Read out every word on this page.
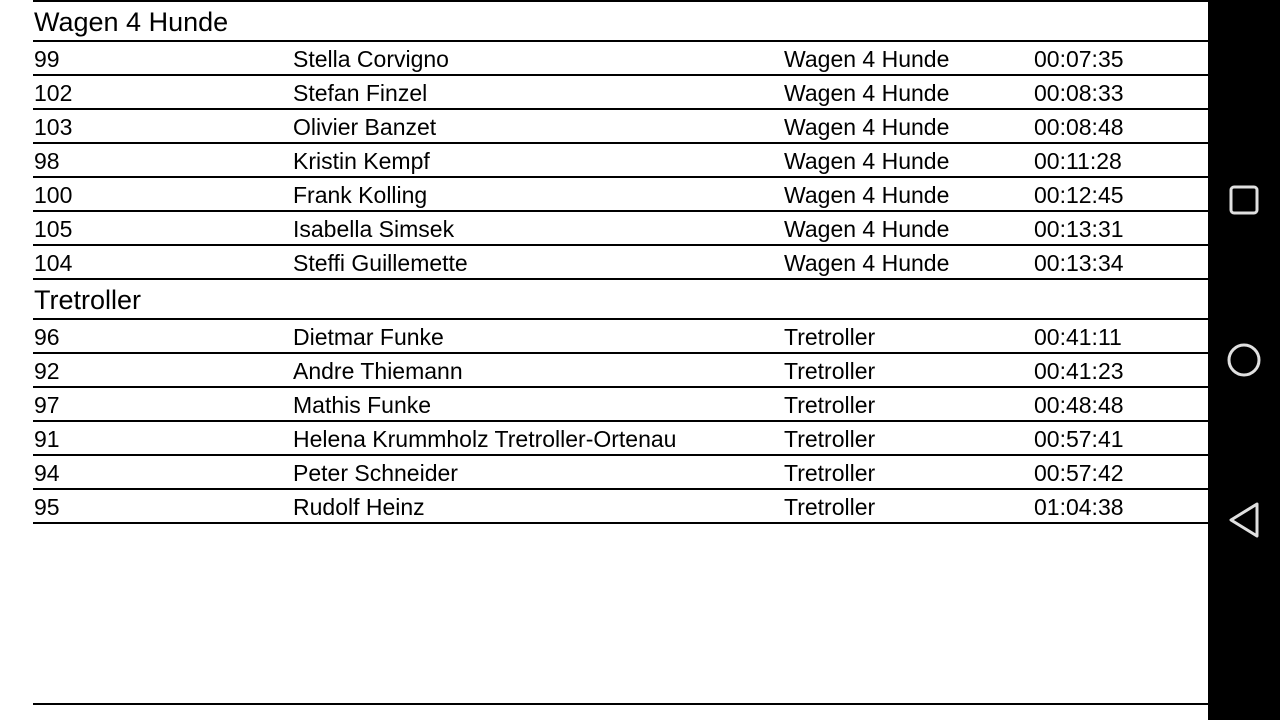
Wagen 4 Hunde
99	Stella Corvigno	Wagen 4 Hunde	00:07:35
102	Stefan Finzel	Wagen 4 Hunde	00:08:33
103	Olivier Banzet	Wagen 4 Hunde	00:08:48
98	Kristin Kempf	Wagen 4 Hunde	00:11:28
100	Frank Kolling	Wagen 4 Hunde	00:12:45
105	Isabella Simsek	Wagen 4 Hunde	00:13:31
104	Steffi Guillemette	Wagen 4 Hunde	00:13:34
Tretroller
96	Dietmar Funke	Tretroller	00:41:11
92	Andre Thiemann	Tretroller	00:41:23
97	Mathis Funke	Tretroller	00:48:48
91	Helena Krummholz Tretroller-Ortenau	Tretroller	00:57:41
94	Peter Schneider	Tretroller	00:57:42
95	Rudolf Heinz	Tretroller	01:04:38
